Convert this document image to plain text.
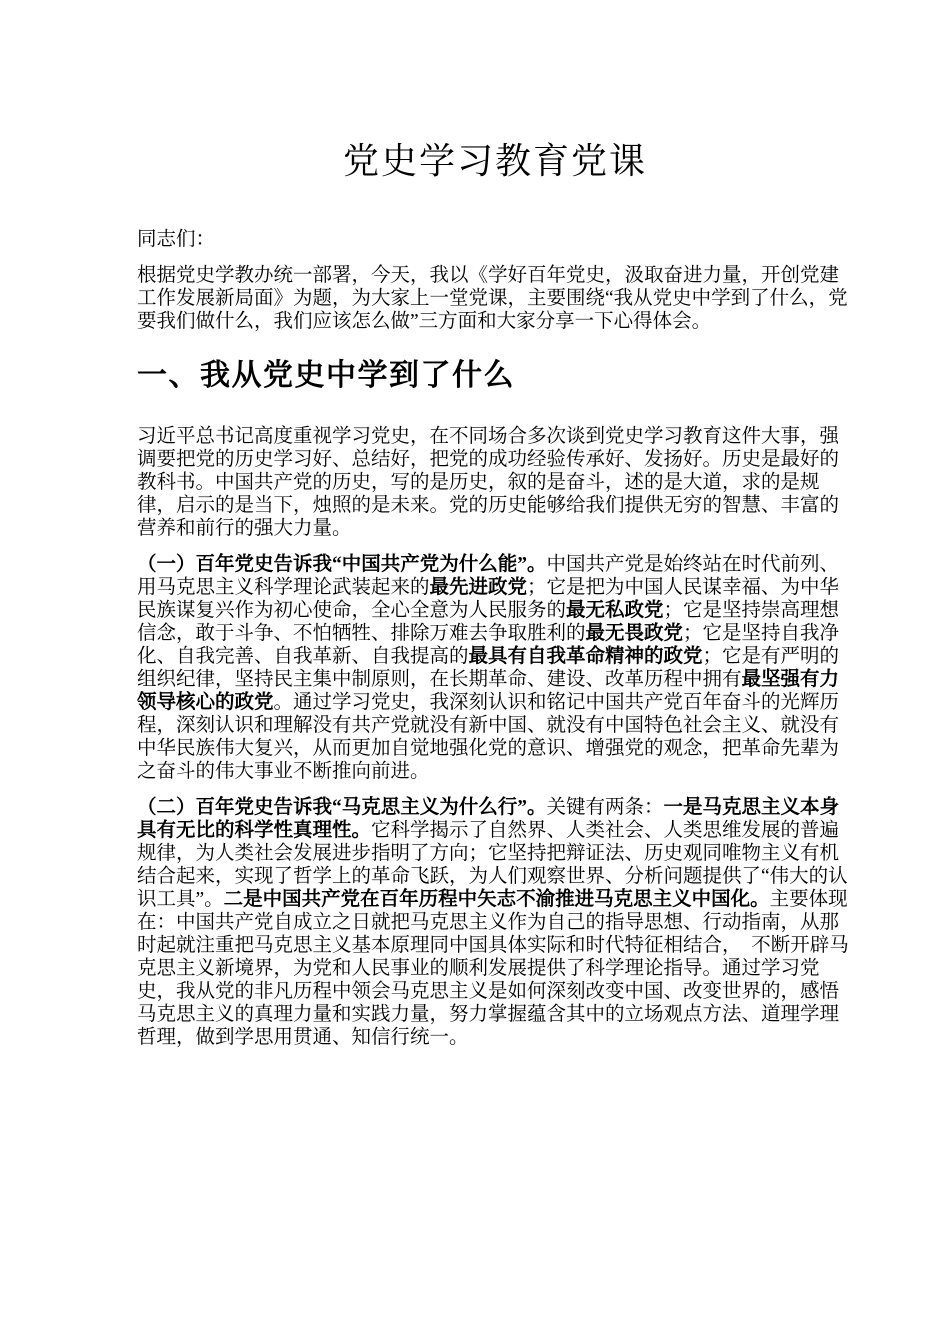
党史学习教育党课

同志们：

根据党史学教办统一部署，今天，我以《学好百年党史，汲取奋进力量，开创党建工作发展新局面》为题，为大家上一堂党课，主要围绕“我从党史中学到了什么，党要我们做什么，我们应该怎么做”三方面和大家分享一下心得体会。

一、我从党史中学到了什么

习近平总书记高度重视学习党史，在不同场合多次谈到党史学习教育这件大事，强调要把党的历史学习好、总结好，把党的成功经验传承好、发扬好。历史是最好的教科书。中国共产党的历史，写的是历史，叙的是奋斗，述的是大道，求的是规律，启示的是当下，烛照的是未来。党的历史能够给我们提供无穷的智慧、丰富的营养和前行的强大力量。

（一）百年党史告诉我“中国共产党为什么能”。中国共产党是始终站在时代前列、用马克思主义科学理论武装起来的最先进政党；它是把为中国人民谋幸福、为中华民族谋复兴作为初心使命，全心全意为人民服务的最无私政党；它是坚持崇高理想信念，敢于斗争、不怕牺牲、排除万难去争取胜利的最无畏政党；它是坚持自我净化、自我完善、自我革新、自我提高的最具有自我革命精神的政党；它是有严明的组织纪律，坚持民主集中制原则，在长期革命、建设、改革历程中拥有最坚强有力领导核心的政党。通过学习党史，我深刻认识和铭记中国共产党百年奋斗的光辉历程，深刻认识和理解没有共产党就没有新中国、就没有中国特色社会主义、就没有中华民族伟大复兴，从而更加自觉地强化党的意识、增强党的观念，把革命先辈为之奋斗的伟大事业不断推向前进。

（二）百年党史告诉我“马克思主义为什么行”。关键有两条：一是马克思主义本身具有无比的科学性真理性。它科学揭示了自然界、人类社会、人类思维发展的普遍规律，为人类社会发展进步指明了方向；它坚持把辩证法、历史观同唯物主义有机结合起来，实现了哲学上的革命飞跃，为人们观察世界、分析问题提供了“伟大的认识工具”。二是中国共产党在百年历程中矢志不渝推进马克思主义中国化。主要体现在：中国共产党自成立之日就把马克思主义作为自己的指导思想、行动指南，从那时起就注重把马克思主义基本原理同中国具体实际和时代特征相结合，　不断开辟马克思主义新境界，为党和人民事业的顺利发展提供了科学理论指导。通过学习党史，我从党的非凡历程中领会马克思主义是如何深刻改变中国、改变世界的，感悟马克思主义的真理力量和实践力量，努力掌握蕴含其中的立场观点方法、道理学理哲理，做到学思用贯通、知信行统一。
